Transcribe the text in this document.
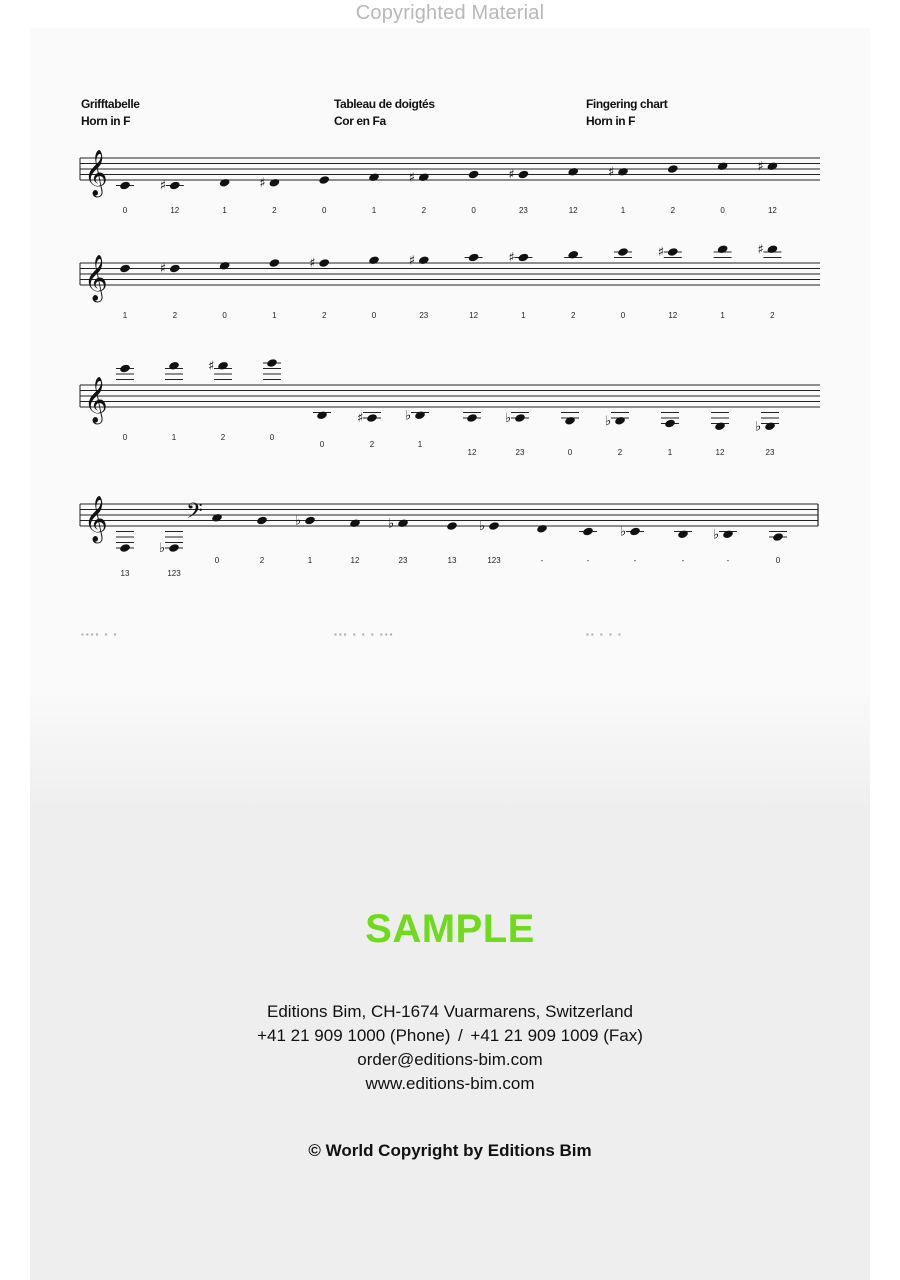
Copyrighted Material
Grifftabelle
Horn in F
Tableau de doigtés
Cor en Fa
Fingering chart
Horn in F
𝄞
0
♯
12	1
♯
2	0	1
♯
2	0
♯
23	12
♯
1	2	0
♯
12
𝄞
1
♯
2	0	1
♯
2	0
♯
23	12
♯
1	2	0
♯
12	1
♯
2
𝄞
0	1
♯
2	0
0
♯
2
♭
1
12
♭
23	0
♭
2	1	12
♭
23
𝄞	𝄢
13
♭
123
0	2
♭
1	12
♭
23	13
♭
123	-	-
♭
-	-
♭
-	0
▪▪▪▪ ▪ ▪	▪▪▪ ▪ ▪ ▪ ▪▪▪	▪▪ ▪ ▪ ▪
SAMPLE
Editions Bim, CH-1674 Vuarmarens, Switzerland
+41 21 909 1000 (Phone) / +41 21 909 1009 (Fax)
order@editions-bim.com
www.editions-bim.com
© World Copyright by Editions Bim
